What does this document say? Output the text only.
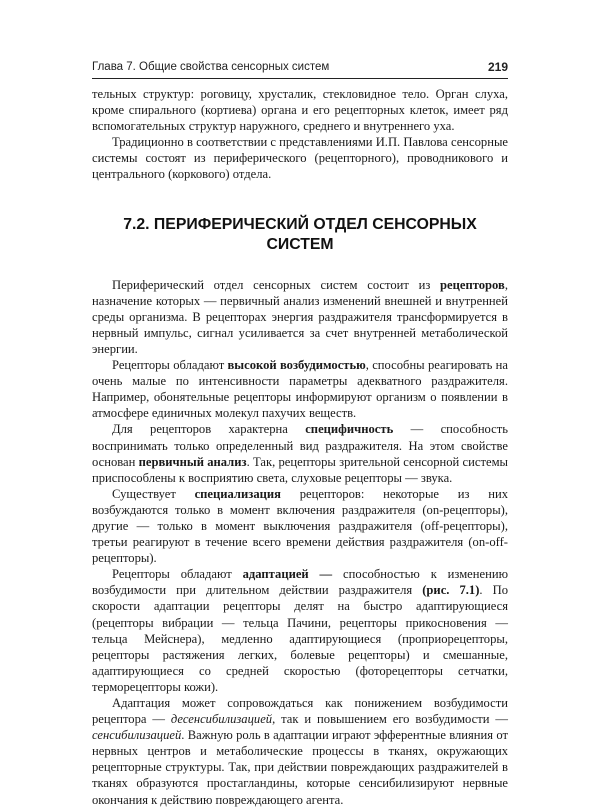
Глава 7. Общие свойства сенсорных систем	219

тельных структур: роговицу, хрусталик, стекловидное тело. Орган слуха, кроме спирального (кортиева) органа и его рецепторных клеток, имеет ряд вспомогательных структур наружного, среднего и внутреннего уха.

Традиционно в соответствии с представлениями И.П. Павлова сенсорные системы состоят из периферического (рецепторного), проводникового и центрального (коркового) отдела.

7.2. ПЕРИФЕРИЧЕСКИЙ ОТДЕЛ СЕНСОРНЫХ СИСТЕМ

Периферический отдел сенсорных систем состоит из рецепторов, назначение которых — первичный анализ изменений внешней и внутренней среды организма. В рецепторах энергия раздражителя трансформируется в нервный импульс, сигнал усиливается за счет внутренней метаболической энергии.

Рецепторы обладают высокой возбудимостью, способны реагировать на очень малые по интенсивности параметры адекватного раздражителя. Например, обонятельные рецепторы информируют организм о появлении в атмосфере единичных молекул пахучих веществ.

Для рецепторов характерна специфичность — способность воспринимать только определенный вид раздражителя. На этом свойстве основан первичный анализ. Так, рецепторы зрительной сенсорной системы приспособлены к восприятию света, слуховые рецепторы — звука.

Существует специализация рецепторов: некоторые из них возбуждаются только в момент включения раздражителя (on-рецепторы), другие — только в момент выключения раздражителя (off-рецепторы), третьи реагируют в течение всего времени действия раздражителя (on-off-рецепторы).

Рецепторы обладают адаптацией — способностью к изменению возбудимости при длительном действии раздражителя (рис. 7.1). По скорости адаптации рецепторы делят на быстро адаптирующиеся (рецепторы вибрации — тельца Пачини, рецепторы прикосновения — тельца Мейснера), медленно адаптирующиеся (проприорецепторы, рецепторы растяжения легких, болевые рецепторы) и смешанные, адаптирующиеся со средней скоростью (фоторецепторы сетчатки, терморецепторы кожи).

Адаптация может сопровождаться как понижением возбудимости рецептора — десенсибилизацией, так и повышением его возбудимости — сенсибилизацией. Важную роль в адаптации играют эфферентные влияния от нервных центров и метаболические процессы в тканях, окружающих рецепторные структуры. Так, при действии повреждающих раздражителей в тканях образуются простагландины, которые сенсибилизируют нервные окончания к действию повреждающего агента.
